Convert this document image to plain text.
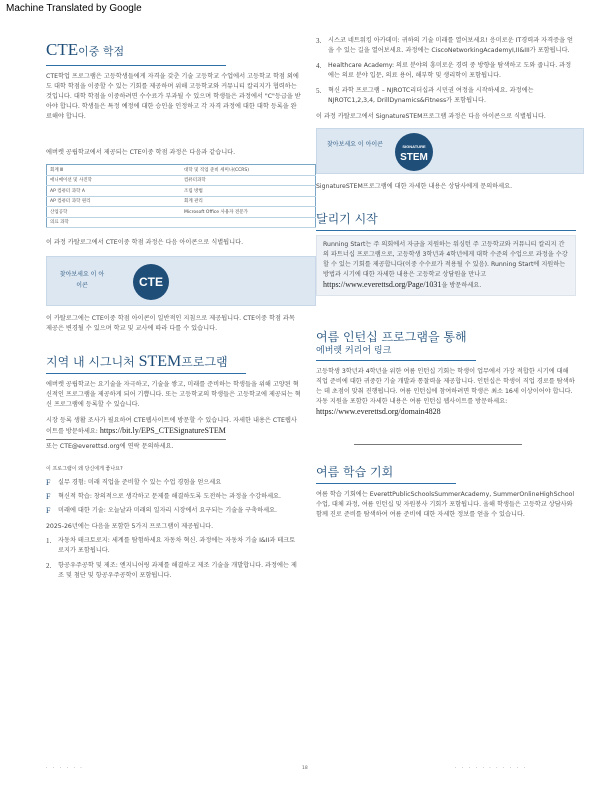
Machine Translated by Google
CTE이중 학점
CTE학업 프로그램은 고등학생들에게 자격을 갖춘 기술 고등학교 수업에서 고등학교 학점 외에도 대학 학점을 이중할 수 있는 기회를 제공하며 위해 고등학교와 커뮤니티 칼리지가 협력하는 것입니다. 대학 학점을 이중하려면 수수료가 부과될 수 있으며 학생들은 과정에서 "C"등급을 받아야 합니다. 학생들은 특정 예정에 대한 승인을 인정하고 각 자격 과정에 대한 대학 등록을 완료해야 합니다.
에버렛 공립학교에서 제공되는 CTE이중 학점 과정은 다음과 같습니다.
회계 Ⅲ	대학 및 직업 준비 세미나(CCRS)
애니메이션 및 사진학	컴퓨터과학
AP 컴퓨터 과학 A	조립 방법
AP 컴퓨터 과학 원리	회계 관리
산업공학	Microsoft Office 사용자 전문가
의료 과학	
이 과정 카탈로그에서 CTE이중 학점 과정은 다음 아이콘으로 식별됩니다.
찾아보세요 이 아이콘	CTE
이 카탈로그에는 CTE이중 학점 아이콘이 일반적인 지침으로 제공됩니다. CTE이중 학점 과목 제공은 변경될 수 있으며 학교 및 교사에 따라 다를 수 있습니다.
지역 내 시그니처 STEM프로그램
에버렛 공립학교는 요기술을 자극하고, 기술을 쌓고, 미래를 준비하는 학생들을 위해 고양된 혁신적인 프로그램을 제공하게 되어 기쁩니다. 또는 고등학교의 학생들은 고등학교에 제공되는 혁신 프로그램에 등록할 수 있습니다.
시장 등록 생활 조사가 필요하여 CTE웹사이트에 방문할 수 있습니다. 자세한 내용은 CTE웹사이트를 방문하세요: https://bit.ly/EPS_CTESignatureSTEM
또는 CTE@everettsd.org에 연락 문의하세요.
이 프로그램이 왜 당신에게 좋나요?
F 실무 경험: 미래 직업을 준비할 수 있는 수업 경험을 얻으세요
F 혁신적 학습: 창의적으로 생각하고 문제를 해결하도록 도전하는 과정을 수강하세요.
F 미래에 대한 기술: 오늘날과 미래의 일자리 시장에서 요구되는 기술을 구축하세요.
2025-26년에는 다음을 포함한 5가지 프로그램이 제공됩니다.
1. 자동차 테크토로지: 세계를 탐험하세요 자동차 혁신. 과정에는 자동차 기술 I&II과 테크토로지가 포함됩니다.
2. 항공우주공학 및 제조: 엔지니어링 과제를 해결하고 제조 기술을 개발합니다. 과정에는 제조 및 첨단 및 항공우주공학이 포함됩니다.
3. 시스코 네트워킹 아카데미: 귀하의 기술 미래를 열어보세요! 응미로운 IT경력과 자격증을 얻을 수 있는 길을 열어보세요. 과정에는 CiscoNetworkingAcademyI,II&III가 포함됩니다.
4. Healthcare Academy: 의료 분야의 흥미로운 경력 중 방향을 탐색하고 도와 줍니다. 과정에는 의료 분야 입문, 의료 용어, 해부학 및 생리학이 포함됩니다.
5. 혁신 과학 프로그램 – NJROTC리더십과 시민권 여정을 시작하세요. 과정에는 NJROTC1,2,3,4, DrillDynamics&Fitness가 포함됩니다.
이 과정 카탈로그에서 SignatureSTEM프로그램 과정은 다음 아이콘으로 식별됩니다.
찾아보세요 이 아이콘	SIGNATURE
STEM
SignatureSTEM프로그램에 대한 자세한 내용은 상담사에게 문의하세요.
달리기 시작
Running Start는 주 의회에서 자금을 지원하는 워싱턴 주 고등학교와 커뮤니티 칼리지 간의 파트너십 프로그램으로, 고등학생 3학년과 4학년에게 대학 수준의 수업으로 과정을 수강할 수 있는 기회를 제공합니다(이중 수수료가 적용될 수 있음). Running Start에 지원하는 방법과 시기에 대한 자세한 내용은 고등학교 상담원을 만나고 https://www.everettsd.org/Page/1031을 방문하세요.
여름 인턴십 프로그램을 통해
에버렛 커리어 링크
고등학생 3학년과 4학년을 위한 여름 인턴십 기회는 학생이 업무에서 가장 적합한 시기에 대해 직업 준비에 대한 귀중한 기술 개발과 통찰력을 제공합니다. 인턴십은 학생이 직업 경로를 탐색하는 데 초점이 맞춰 진행됩니다. 여름 인턴십에 참여하려면 학생은 최소 16세 이상이어야 합니다. 자동 지원을 포함한 자세한 내용은 여름 인턴십 웹사이트를 방문하세요: https://www.everettsd.org/domain4828
여름 학습 기회
여름 학습 기회에는 EverettPublicSchoolsSummerAcademy, SummerOnlineHighSchool수업, 대체 과정, 여름 인턴십 및 자원봉사 기회가 포함됩니다. 올해 학생들은 고등학교 상담사와 함께 진로 준비를 탐색하여 여름 준비에 대한 자세한 정보를 얻을 수 있습니다.
· · · · · ·	18	· · · · · · · · · · ·
